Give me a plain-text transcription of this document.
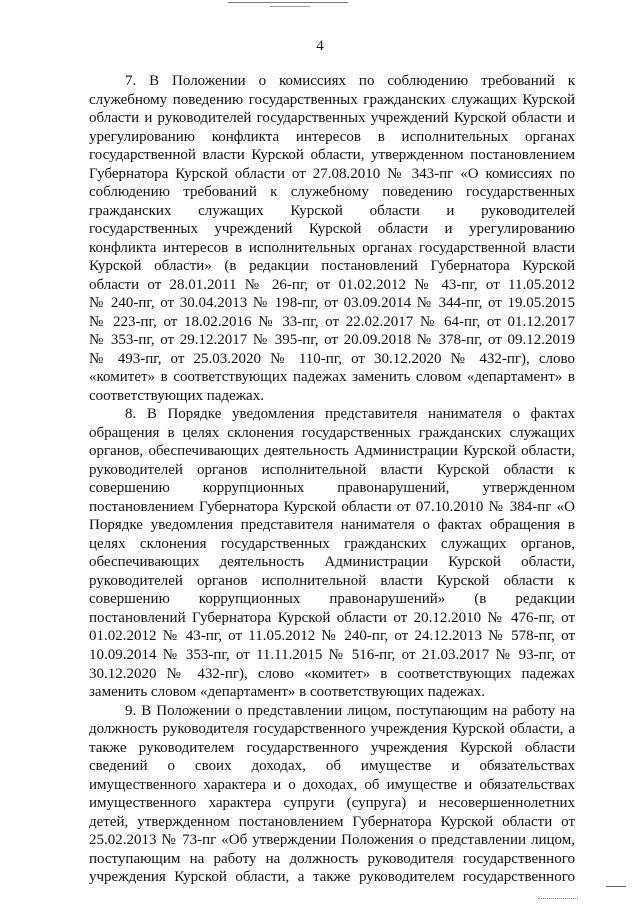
4
7. В Положении о комиссиях по соблюдению требований к
служебному поведению государственных гражданских служащих Курской
области и руководителей государственных учреждений Курской области и
урегулированию конфликта интересов в исполнительных органах
государственной власти Курской области, утвержденном постановлением
Губернатора Курской области от 27.08.2010 № 343-пг «О комиссиях по
соблюдению требований к служебному поведению государственных
гражданских служащих Курской области и руководителей
государственных учреждений Курской области и урегулированию
конфликта интересов в исполнительных органах государственной власти
Курской области» (в редакции постановлений Губернатора Курской
области от 28.01.2011 № 26-пг, от 01.02.2012 № 43-пг, от 11.05.2012
№ 240-пг, от 30.04.2013 № 198-пг, от 03.09.2014 № 344-пг, от 19.05.2015
№ 223-пг, от 18.02.2016 № 33-пг, от 22.02.2017 № 64-пг, от 01.12.2017
№ 353-пг, от 29.12.2017 № 395-пг, от 20.09.2018 № 378-пг, от 09.12.2019
№ 493-пг, от 25.03.2020 № 110-пг, от 30.12.2020 № 432-пг), слово
«комитет» в соответствующих падежах заменить словом «департамент» в
соответствующих падежах.
8. В Порядке уведомления представителя нанимателя о фактах
обращения в целях склонения государственных гражданских служащих
органов, обеспечивающих деятельность Администрации Курской области,
руководителей органов исполнительной власти Курской области к
совершению коррупционных правонарушений, утвержденном
постановлением Губернатора Курской области от 07.10.2010 № 384-пг «О
Порядке уведомления представителя нанимателя о фактах обращения в
целях склонения государственных гражданских служащих органов,
обеспечивающих деятельность Администрации Курской области,
руководителей органов исполнительной власти Курской области к
совершению коррупционных правонарушений» (в редакции
постановлений Губернатора Курской области от 20.12.2010 № 476-пг, от
01.02.2012 № 43-пг, от 11.05.2012 № 240-пг, от 24.12.2013 № 578-пг, от
10.09.2014 № 353-пг, от 11.11.2015 № 516-пг, от 21.03.2017 № 93-пг, от
30.12.2020 № 432-пг), слово «комитет» в соответствующих падежах
заменить словом «департамент» в соответствующих падежах.
9. В Положении о представлении лицом, поступающим на работу на
должность руководителя государственного учреждения Курской области, а
также руководителем государственного учреждения Курской области
сведений о своих доходах, об имуществе и обязательствах
имущественного характера и о доходах, об имуществе и обязательствах
имущественного характера супруги (супруга) и несовершеннолетних
детей, утвержденном постановлением Губернатора Курской области от
25.02.2013 № 73-пг «Об утверждении Положения о представлении лицом,
поступающим на работу на должность руководителя государственного
учреждения Курской области, а также руководителем государственного
